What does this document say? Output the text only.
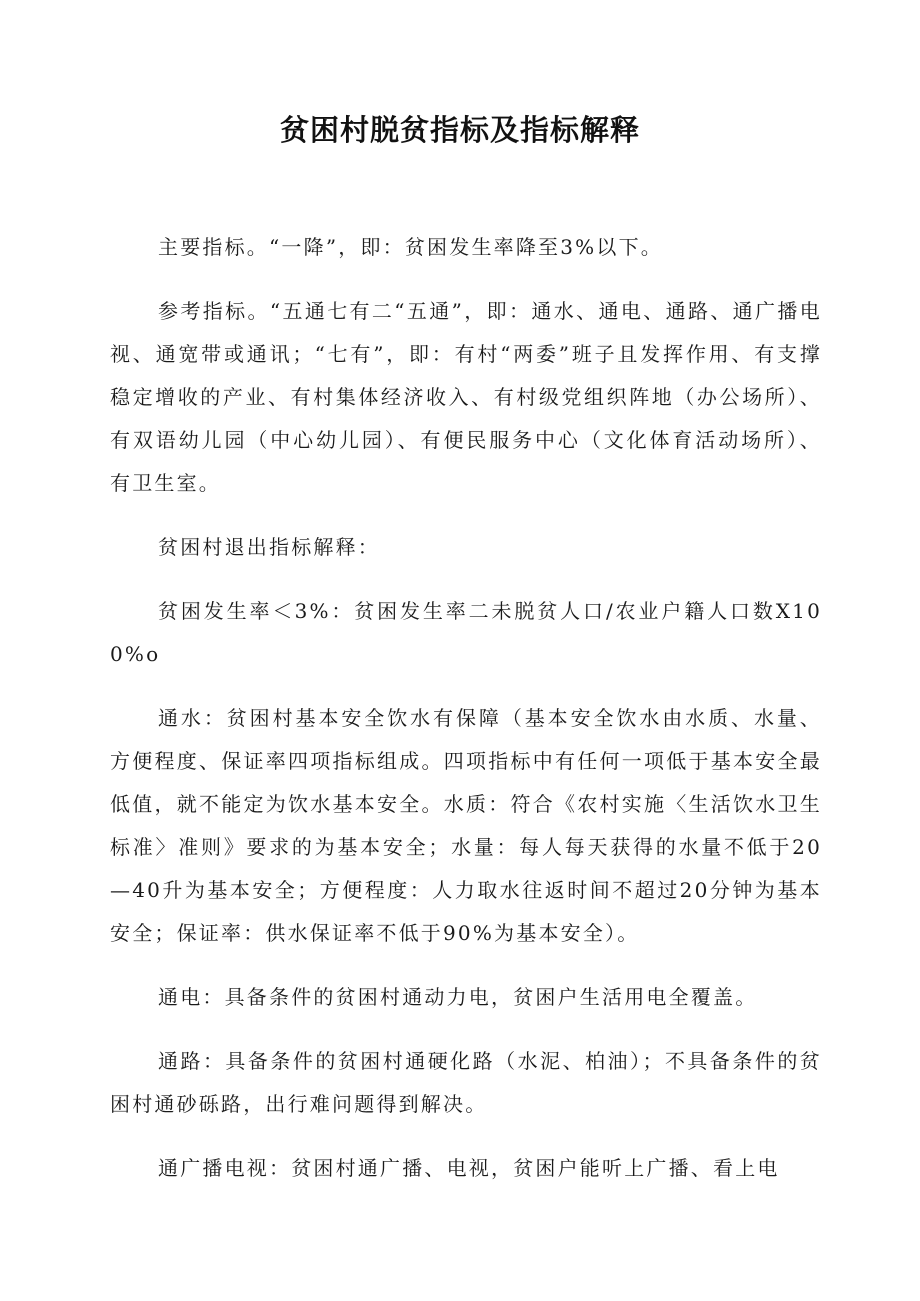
贫困村脱贫指标及指标解释

主要指标。“一降”，即：贫困发生率降至3%以下。

参考指标。“五通七有二“五通”，即：通水、通电、通路、通广播电视、通宽带或通讯；“七有”，即：有村“两委”班子且发挥作用、有支撑稳定增收的产业、有村集体经济收入、有村级党组织阵地（办公场所）、有双语幼儿园（中心幼儿园）、有便民服务中心（文化体育活动场所）、有卫生室。

贫困村退出指标解释：

贫困发生率＜3%：贫困发生率二未脱贫人口/农业户籍人口数X100%o

通水：贫困村基本安全饮水有保障（基本安全饮水由水质、水量、方便程度、保证率四项指标组成。四项指标中有任何一项低于基本安全最低值，就不能定为饮水基本安全。水质：符合《农村实施〈生活饮水卫生标准〉准则》要求的为基本安全；水量：每人每天获得的水量不低于20—40升为基本安全；方便程度：人力取水往返时间不超过20分钟为基本安全；保证率：供水保证率不低于90%为基本安全）。

通电：具备条件的贫困村通动力电，贫困户生活用电全覆盖。

通路：具备条件的贫困村通硬化路（水泥、柏油）；不具备条件的贫困村通砂砾路，出行难问题得到解决。

通广播电视：贫困村通广播、电视，贫困户能听上广播、看上电
